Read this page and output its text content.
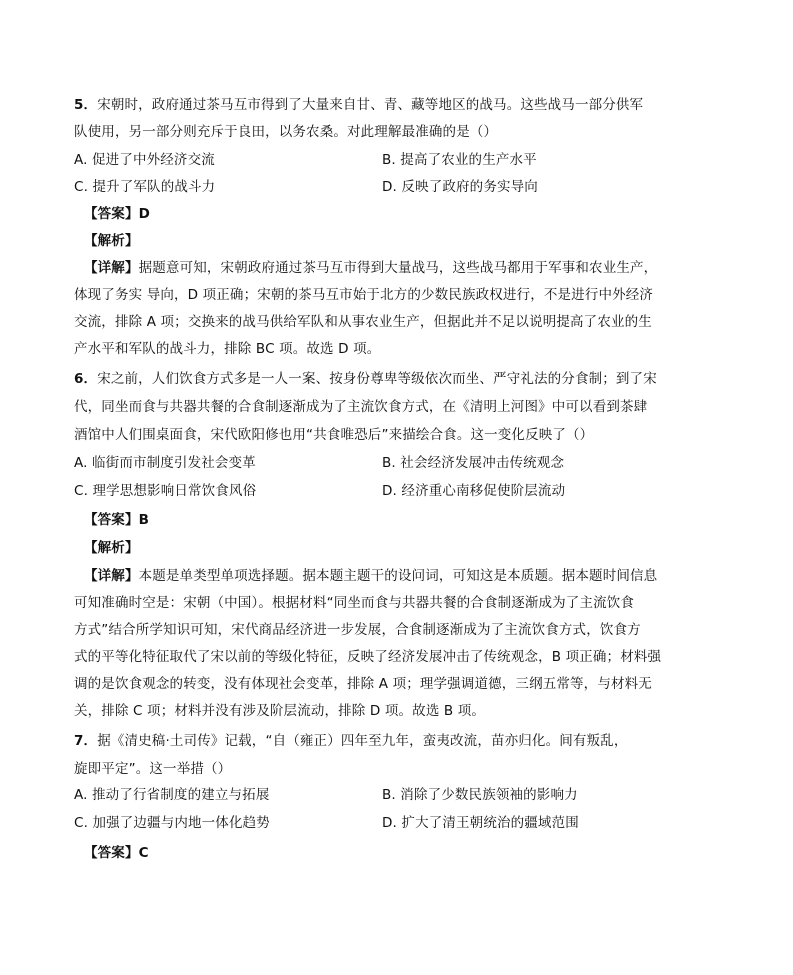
5．宋朝时，政府通过茶马互市得到了大量来自甘、青、藏等地区的战马。这些战马一部分供军
队使用，另一部分则充斥于良田，以务农桑。对此理解最准确的是（）
A. 促进了中外经济交流	B. 提高了农业的生产水平
C. 提升了军队的战斗力	D. 反映了政府的务实导向
【答案】D
【解析】
【详解】据题意可知，宋朝政府通过茶马互市得到大量战马，这些战马都用于军事和农业生产，
体现了务实 导向，D 项正确；宋朝的茶马互市始于北方的少数民族政权进行，不是进行中外经济
交流，排除 A 项；交换来的战马供给军队和从事农业生产，但据此并不足以说明提高了农业的生
产水平和军队的战斗力，排除 BC 项。故选 D 项。
6．宋之前，人们饮食方式多是一人一案、按身份尊卑等级依次而坐、严守礼法的分食制；到了宋
代，同坐而食与共器共餐的合食制逐渐成为了主流饮食方式，在《清明上河图》中可以看到茶肆
酒馆中人们围桌面食，宋代欧阳修也用“共食唯恐后”来描绘合食。这一变化反映了（）
A. 临街而市制度引发社会变革	B. 社会经济发展冲击传统观念
C. 理学思想影响日常饮食风俗	D. 经济重心南移促使阶层流动
【答案】B
【解析】
【详解】本题是单类型单项选择题。据本题主题干的设问词，可知这是本质题。据本题时间信息
可知准确时空是：宋朝（中国）。根据材料“同坐而食与共器共餐的合食制逐渐成为了主流饮食
方式”结合所学知识可知，宋代商品经济进一步发展，合食制逐渐成为了主流饮食方式，饮食方
式的平等化特征取代了宋以前的等级化特征，反映了经济发展冲击了传统观念，B 项正确；材料强
调的是饮食观念的转变，没有体现社会变革，排除 A 项；理学强调道德，三纲五常等，与材料无
关，排除 C 项；材料并没有涉及阶层流动，排除 D 项。故选 B 项。
7．据《清史稿·土司传》记载，“自（雍正）四年至九年，蛮夷改流，苗亦归化。间有叛乱，
旋即平定”。这一举措（）
A. 推动了行省制度的建立与拓展	B. 消除了少数民族领袖的影响力
C. 加强了边疆与内地一体化趋势	D. 扩大了清王朝统治的疆域范围
【答案】C
